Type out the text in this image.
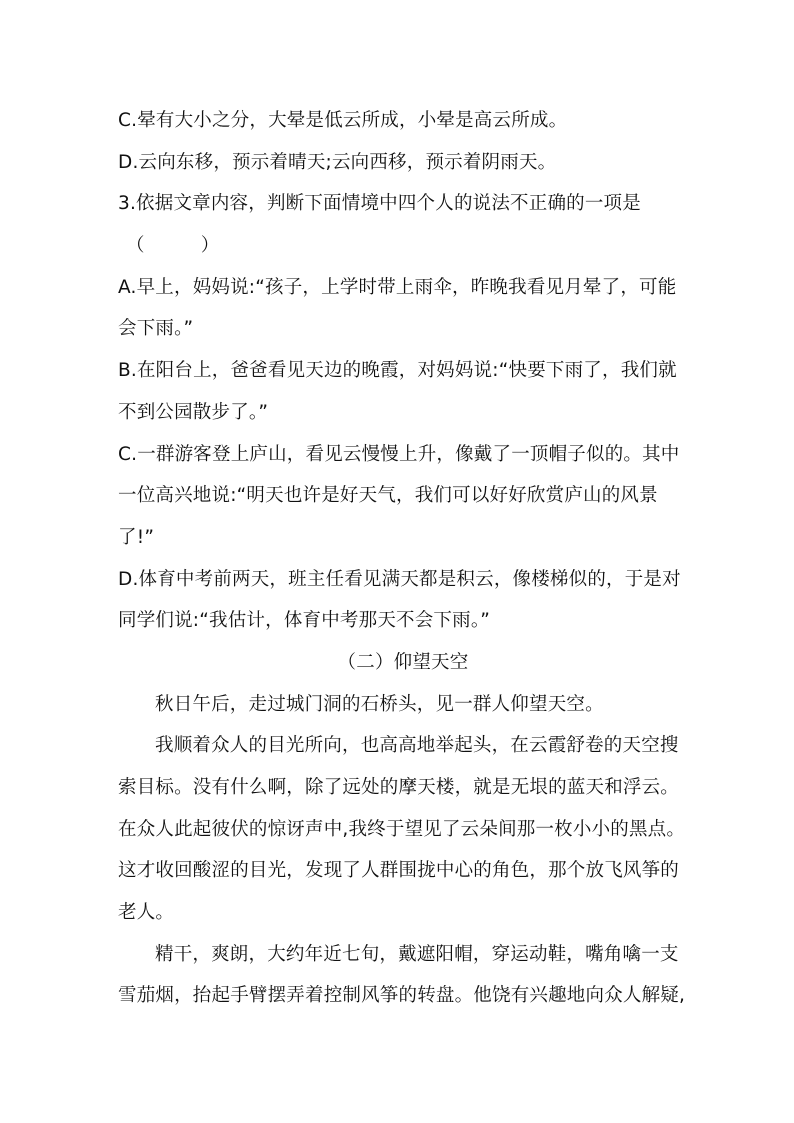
C.晕有大小之分，大晕是低云所成，小晕是高云所成。
D.云向东移，预示着晴天;云向西移，预示着阴雨天。
3.依据文章内容，判断下面情境中四个人的说法不正确的一项是
（　　　）
A.早上，妈妈说:“孩子，上学时带上雨伞，昨晚我看见月晕了，可能
会下雨。”
B.在阳台上，爸爸看见天边的晚霞，对妈妈说:“快要下雨了，我们就
不到公园散步了。”
C.一群游客登上庐山，看见云慢慢上升，像戴了一顶帽子似的。其中
一位高兴地说:“明天也许是好天气，我们可以好好欣赏庐山的风景
了!”
D.体育中考前两天，班主任看见满天都是积云，像楼梯似的，于是对
同学们说:“我估计，体育中考那天不会下雨。”
（二）仰望天空
秋日午后，走过城门洞的石桥头，见一群人仰望天空。
我顺着众人的目光所向，也高高地举起头，在云霞舒卷的天空搜
索目标。没有什么啊，除了远处的摩天楼，就是无垠的蓝天和浮云。
在众人此起彼伏的惊讶声中,我终于望见了云朵间那一枚小小的黑点。
这才收回酸涩的目光，发现了人群围拢中心的角色，那个放飞风筝的
老人。
精干，爽朗，大约年近七旬，戴遮阳帽，穿运动鞋，嘴角噙一支
雪茄烟，抬起手臂摆弄着控制风筝的转盘。他饶有兴趣地向众人解疑,
